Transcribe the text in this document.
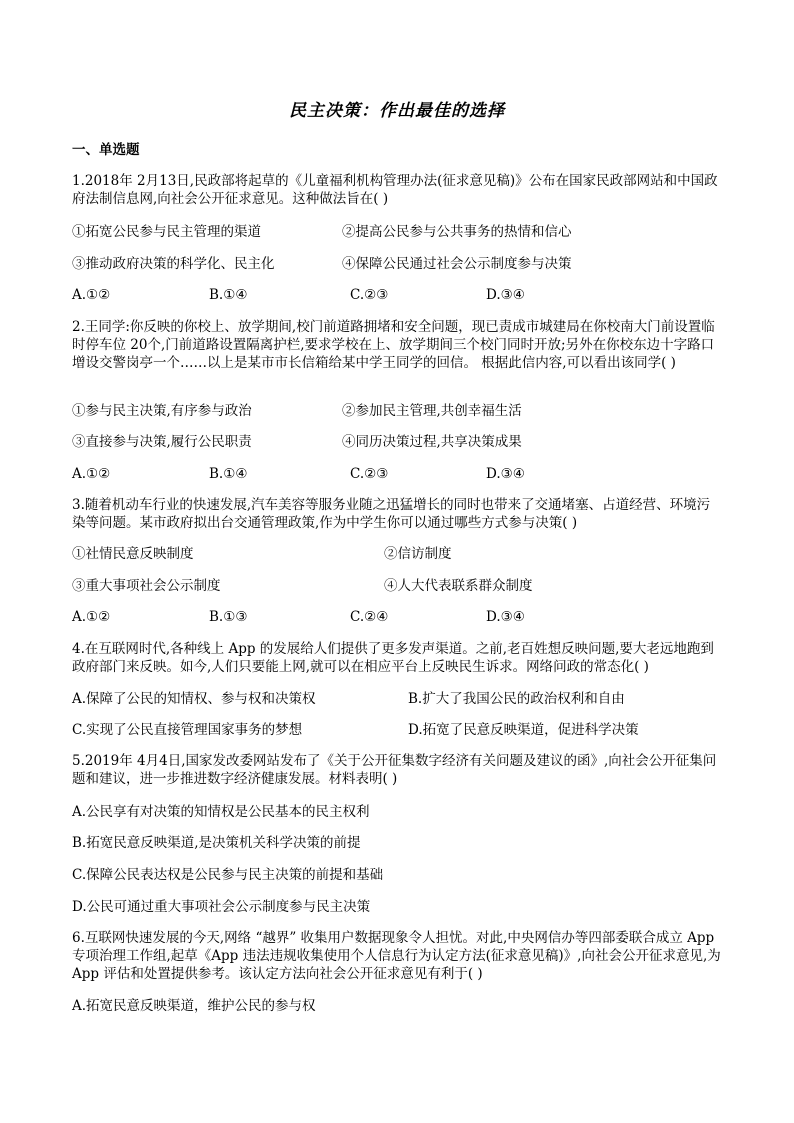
民主决策：作出最佳的选择
一、单选题
1.2018年 2月13日,民政部将起草的《儿童福利机构管理办法(征求意见稿)》公布在国家民政部网站和中国政府法制信息网,向社会公开征求意见。这种做法旨在( )
①拓宽公民参与民主管理的渠道	②提高公民参与公共事务的热情和信心
③推动政府决策的科学化、民主化	④保障公民通过社会公示制度参与决策
A.①②	B.①④	C.②③	D.③④
2.王同学:你反映的你校上、放学期间,校门前道路拥堵和安全问题，现已责成市城建局在你校南大门前设置临时停车位 20个,门前道路设置隔离护栏,要求学校在上、放学期间三个校门同时开放;另外在你校东边十字路口增设交警岗亭一个……以上是某市市长信箱给某中学王同学的回信。 根据此信内容,可以看出该同学( )
①参与民主决策,有序参与政治	②参加民主管理,共创幸福生活
③直接参与决策,履行公民职责	④同历决策过程,共享决策成果
A.①②	B.①④	C.②③	D.③④
3.随着机动车行业的快速发展,汽车美容等服务业随之迅猛增长的同时也带来了交通堵塞、占道经营、环境污染等问题。某市政府拟出台交通管理政策,作为中学生你可以通过哪些方式参与决策( )
①社情民意反映制度	②信访制度
③重大事项社会公示制度	④人大代表联系群众制度
A.①②	B.①③	C.②④	D.③④
4.在互联网时代,各种线上 App 的发展给人们提供了更多发声渠道。之前,老百姓想反映问题,要大老远地跑到政府部门来反映。如今,人们只要能上网,就可以在相应平台上反映民生诉求。网络问政的常态化( )
A.保障了公民的知情权、参与权和决策权	B.扩大了我国公民的政治权利和自由
C.实现了公民直接管理国家事务的梦想	D.拓宽了民意反映渠道，促进科学决策
5.2019年 4月4日,国家发改委网站发布了《关于公开征集数字经济有关问题及建议的函》,向社会公开征集问题和建议，进一步推进数字经济健康发展。材料表明( )
A.公民享有对决策的知情权是公民基本的民主权利
B.拓宽民意反映渠道,是决策机关科学决策的前提
C.保障公民表达权是公民参与民主决策的前提和基础
D.公民可通过重大事项社会公示制度参与民主决策
6.互联网快速发展的今天,网络 “越界” 收集用户数据现象令人担忧。对此,中央网信办等四部委联合成立 App 专项治理工作组,起草《App 违法违规收集使用个人信息行为认定方法(征求意见稿)》,向社会公开征求意见,为 App 评估和处置提供参考。该认定方法向社会公开征求意见有利于( )
A.拓宽民意反映渠道，维护公民的参与权
